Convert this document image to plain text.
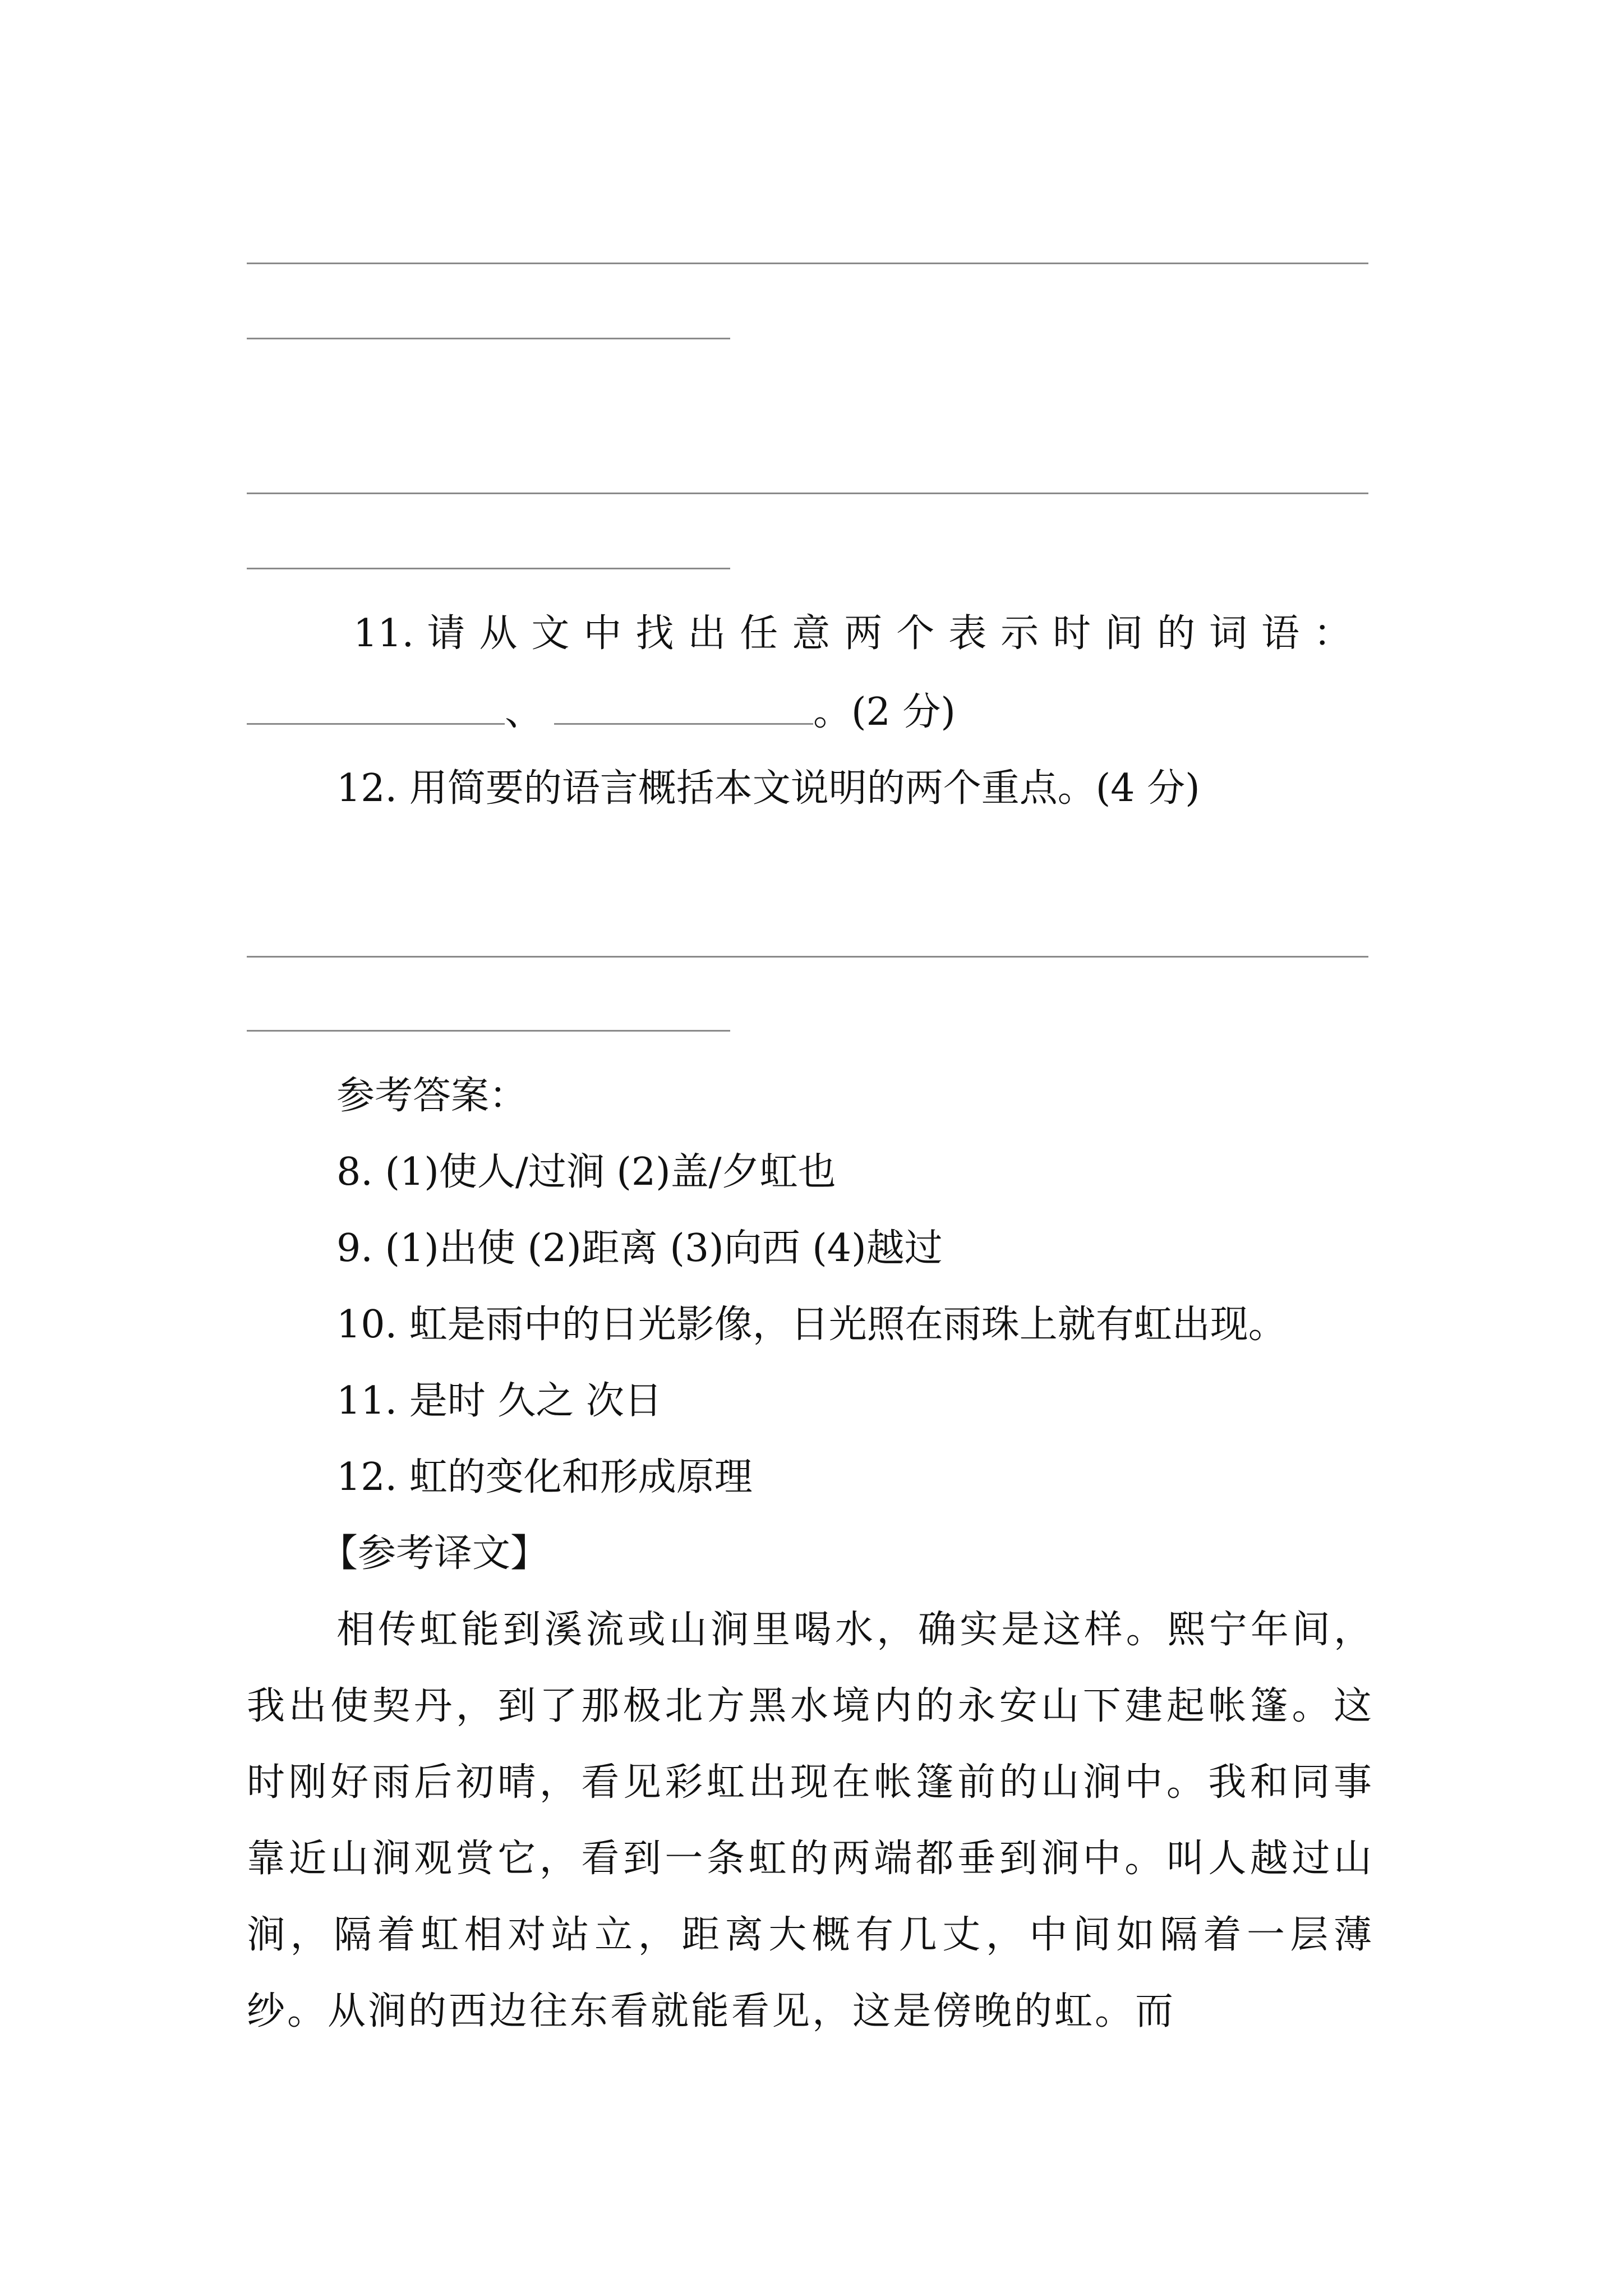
11. 请 从 文 中 找 出 任 意 两 个 表 示 时 间 的 词 语 ：
、	。(2 分)
12. 用简要的语言概括本文说明的两个重点。(4 分)
参考答案：
8. (1)使人/过涧 (2)盖/夕虹也
9. (1)出使 (2)距离 (3)向西 (4)越过
10. 虹是雨中的日光影像，日光照在雨珠上就有虹出现。
11. 是时 久之 次日
12. 虹的变化和形成原理
【参考译文】
相传虹能到溪流或山涧里喝水，确实是这样。熙宁年间，我出使契丹，到了那极北方黑水境内的永安山下建起帐篷。这时刚好雨后初晴，看见彩虹出现在帐篷前的山涧中。我和同事靠近山涧观赏它，看到一条虹的两端都垂到涧中。叫人越过山涧，隔着虹相对站立，距离大概有几丈，中间如隔着一层薄纱。从涧的西边往东看就能看见，这是傍晚的虹。而
